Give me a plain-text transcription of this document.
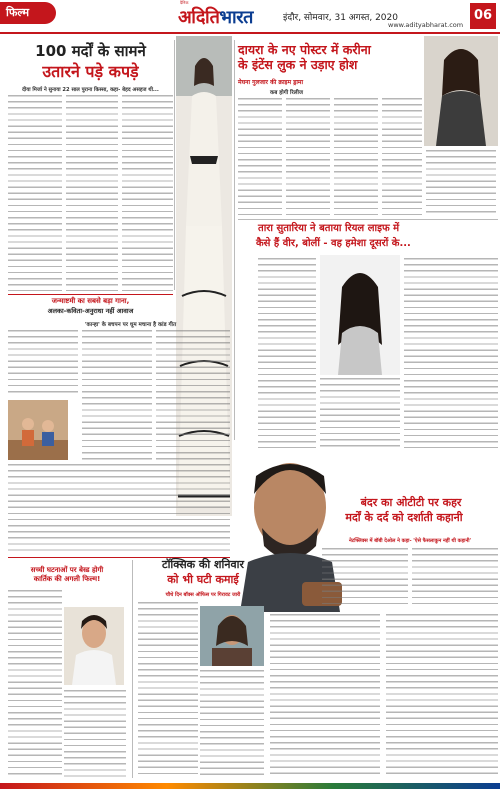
फिल्म
दैनिक
अदितिभारत	इंदौर, सोमवार, 31 अगस्त, 2020
www.adityabharat.com
06
100 मर्दों के सामने
उतारने पड़े कपड़े
दीया मिर्जा ने सुनाया 22 साल पुराना किस्सा, कहा- बेहद असहज थी...
दायरा के नए पोस्टर में करीना
के इंटेंस लुक ने उड़ाए होश
मेघना गुलजार की क्राइम ड्रामा
कब होगी रिलीज
तारा सुतारिया ने बताया रियल लाइफ में
कैसे हैं वीर, बोलीं - वह हमेशा दूसरों के...
जन्माष्टमी का सबसे बड़ा गाना,
अलका-कविता-अनुराधा नहीं आवाज
'कान्हा' के बचपन पर धूम मचाना है कांड गीत
बंदर का ओटीटी पर कहर
मर्दों के दर्द को दर्शाती कहानी
नेटफ्लिक्स में बॉबी देओल ने कहा- 'ऐसे फैसलाकुन नहीं थी कहानी'
सच्ची घटनाओं पर बेस्ड होगी
कार्तिक की अगली फिल्म!
टॉक्सिक की शनिवार
को भी घटी कमाई
चौथे दिन बॉक्स ऑफिस पर गिरावट जारी
